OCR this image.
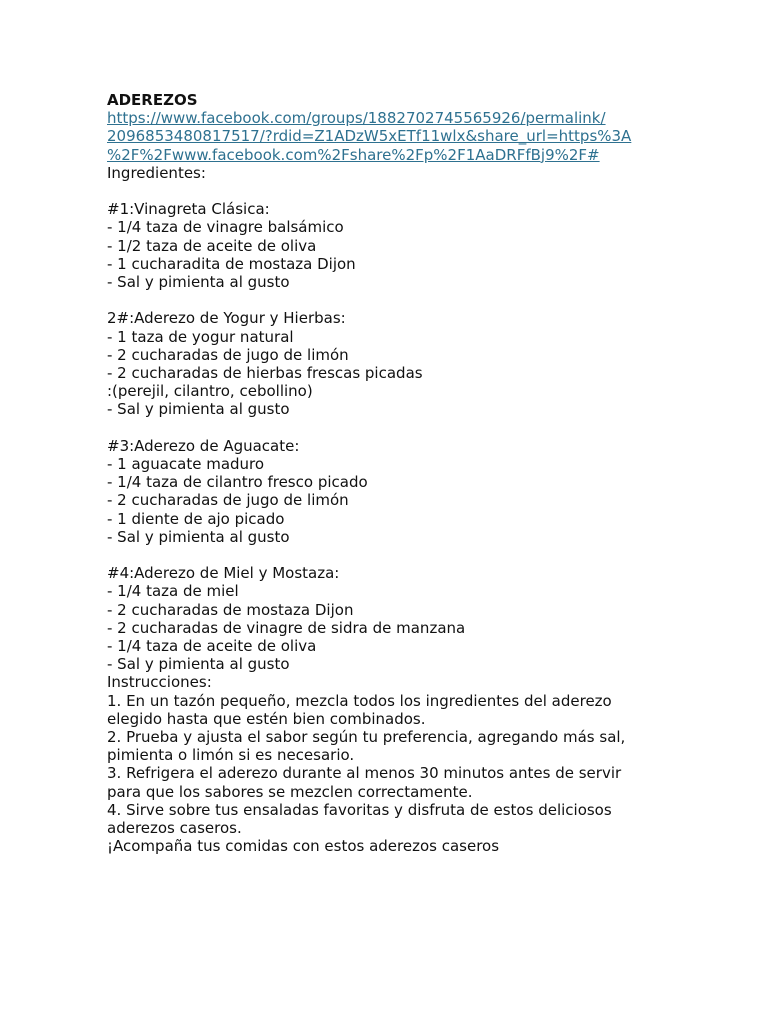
ADEREZOS
https://www.facebook.com/groups/1882702745565926/permalink/
2096853480817517/?rdid=Z1ADzW5xETf11wlx&share_url=https%3A
%2F%2Fwww.facebook.com%2Fshare%2Fp%2F1AaDRFfBj9%2F#
Ingredientes:
#1:Vinagreta Clásica:
- 1/4 taza de vinagre balsámico
- 1/2 taza de aceite de oliva
- 1 cucharadita de mostaza Dijon
- Sal y pimienta al gusto
2#:Aderezo de Yogur y Hierbas:
- 1 taza de yogur natural
- 2 cucharadas de jugo de limón
- 2 cucharadas de hierbas frescas picadas
:(perejil, cilantro, cebollino)
- Sal y pimienta al gusto
#3:Aderezo de Aguacate:
- 1 aguacate maduro
- 1/4 taza de cilantro fresco picado
- 2 cucharadas de jugo de limón
- 1 diente de ajo picado
- Sal y pimienta al gusto
#4:Aderezo de Miel y Mostaza:
- 1/4 taza de miel
- 2 cucharadas de mostaza Dijon
- 2 cucharadas de vinagre de sidra de manzana
- 1/4 taza de aceite de oliva
- Sal y pimienta al gusto
Instrucciones:
1. En un tazón pequeño, mezcla todos los ingredientes del aderezo
elegido hasta que estén bien combinados.
2. Prueba y ajusta el sabor según tu preferencia, agregando más sal,
pimienta o limón si es necesario.
3. Refrigera el aderezo durante al menos 30 minutos antes de servir
para que los sabores se mezclen correctamente.
4. Sirve sobre tus ensaladas favoritas y disfruta de estos deliciosos
aderezos caseros.
¡Acompaña tus comidas con estos aderezos caseros
